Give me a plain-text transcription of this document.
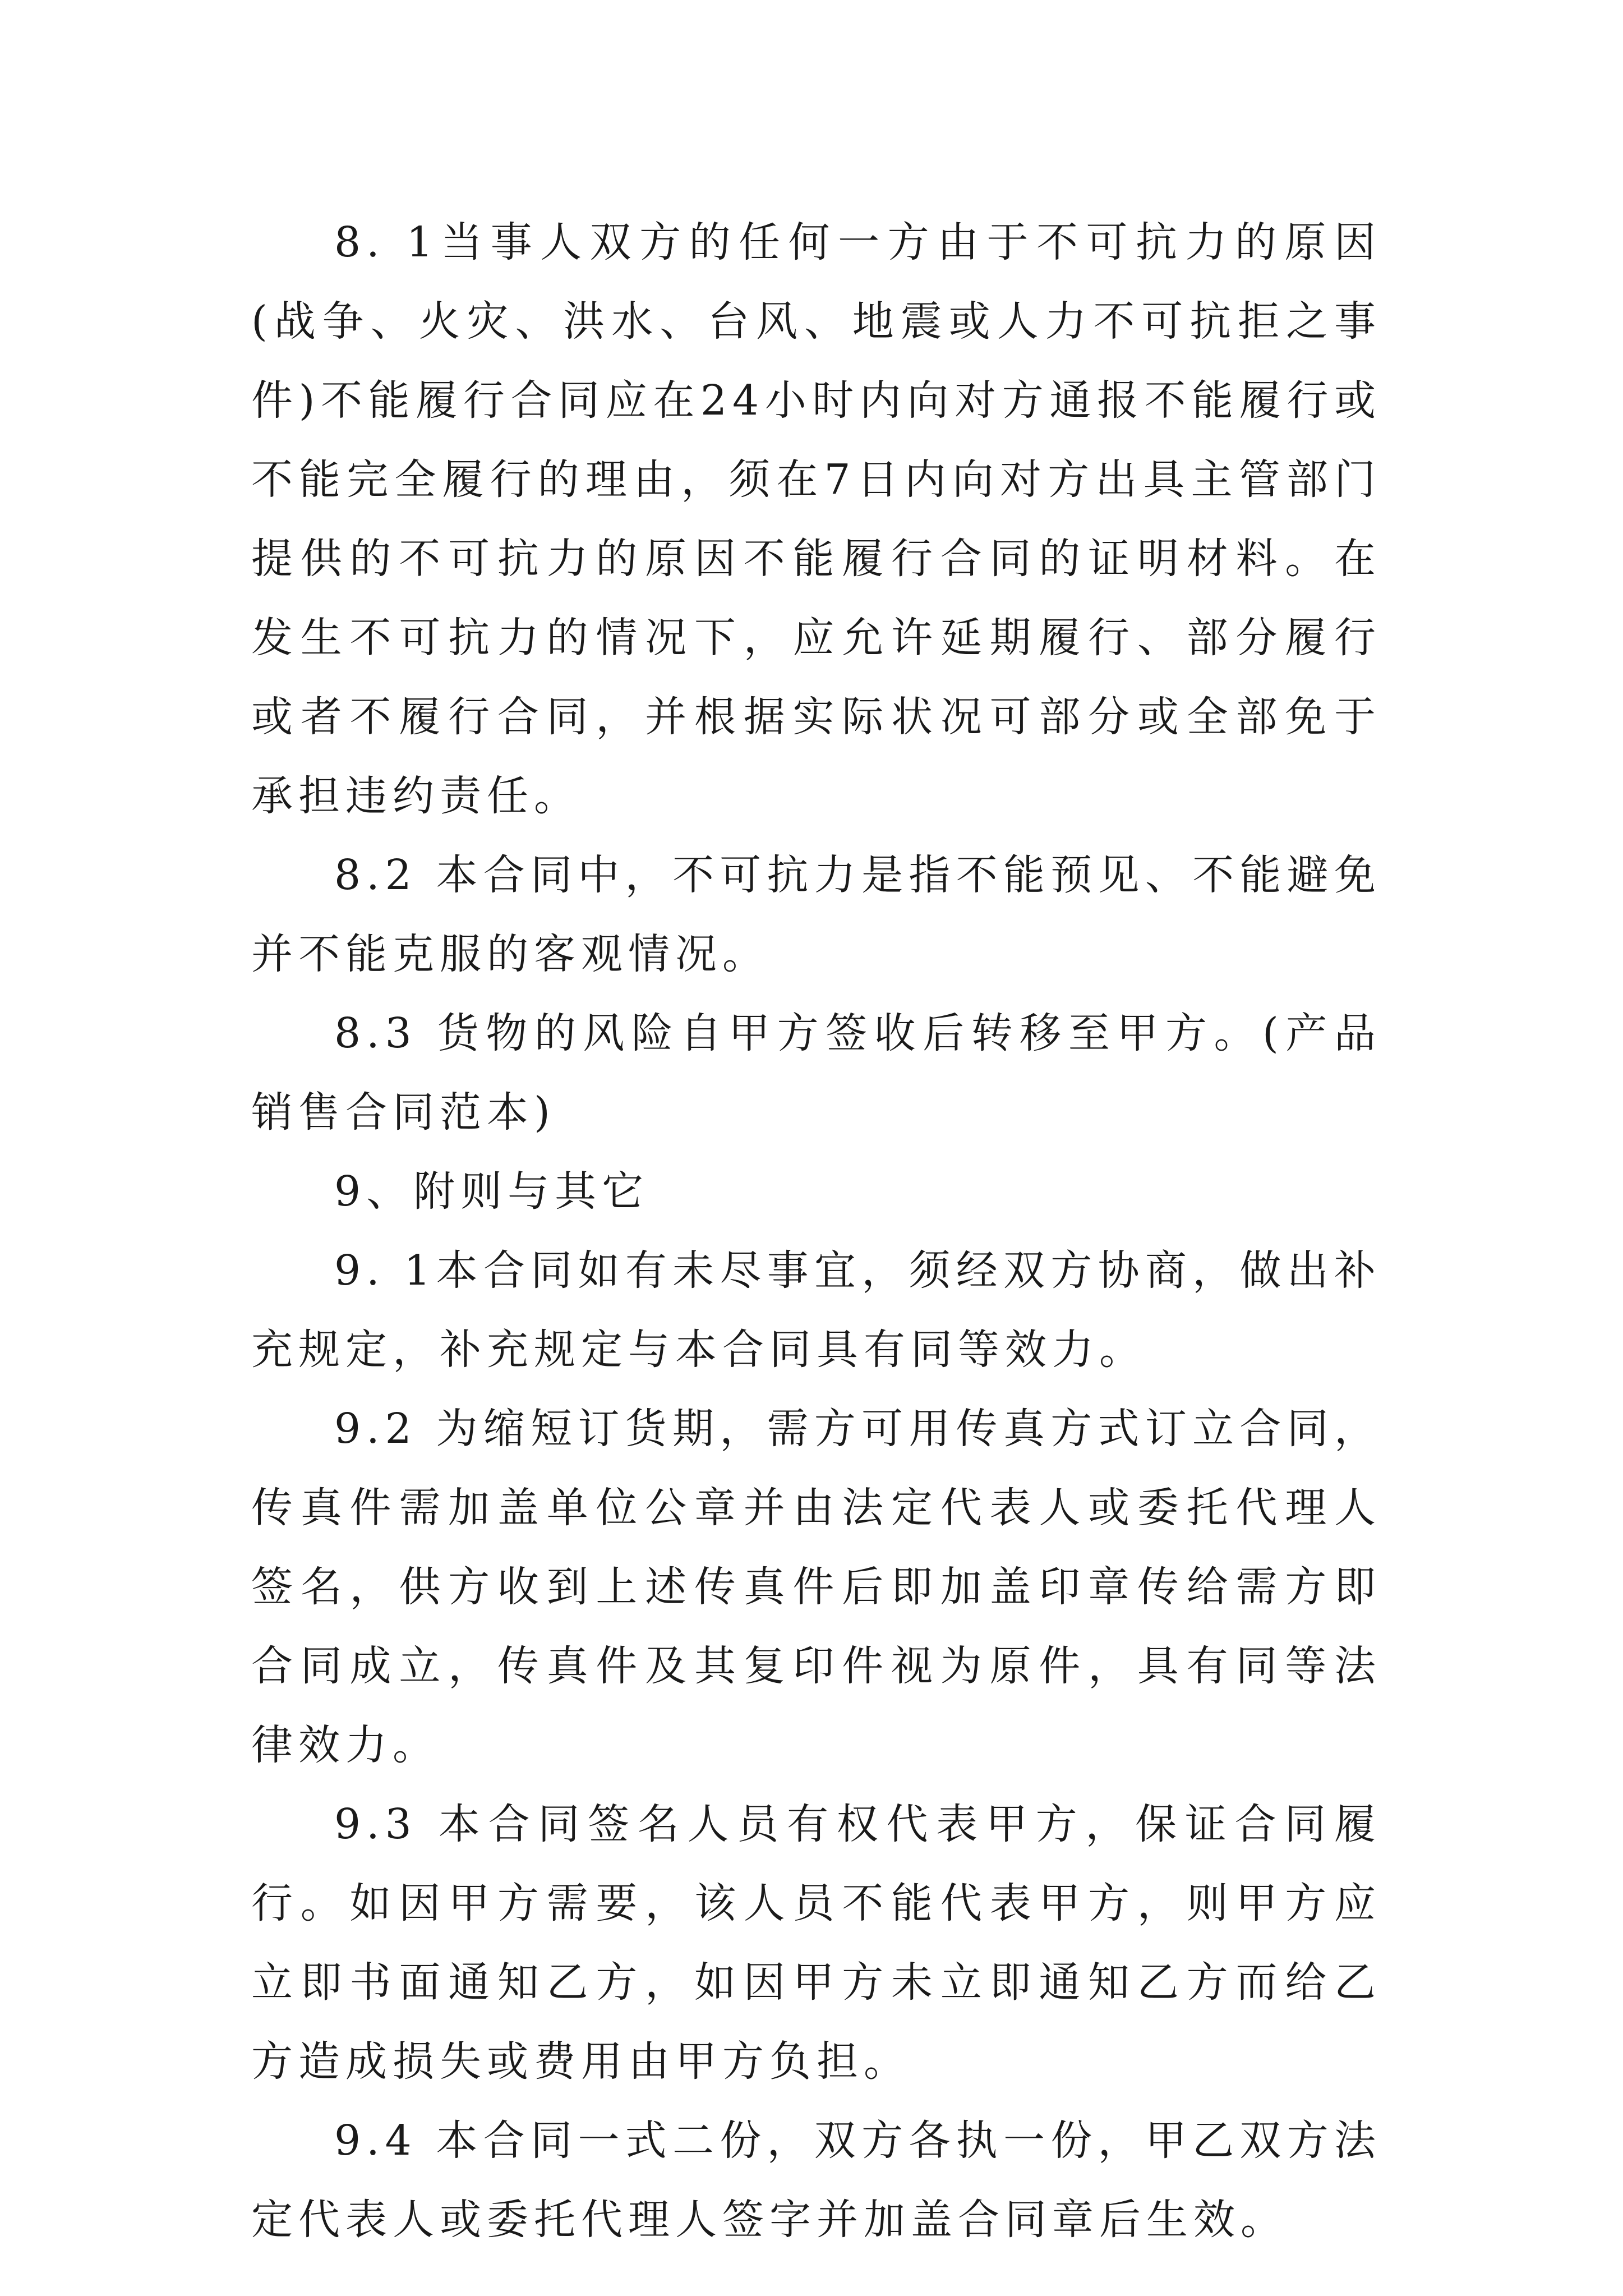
8. 1当事人双方的任何一方由于不可抗力的原因(战争、火灾、洪水、台风、地震或人力不可抗拒之事件)不能履行合同应在24小时内向对方通报不能履行或不能完全履行的理由，须在7日内向对方出具主管部门提供的不可抗力的原因不能履行合同的证明材料。在发生不可抗力的情况下，应允许延期履行、部分履行或者不履行合同，并根据实际状况可部分或全部免于承担违约责任。

8.2 本合同中，不可抗力是指不能预见、不能避免并不能克服的客观情况。

8.3 货物的风险自甲方签收后转移至甲方。(产品销售合同范本)

9、附则与其它

9. 1本合同如有未尽事宜，须经双方协商，做出补充规定，补充规定与本合同具有同等效力。

9.2 为缩短订货期，需方可用传真方式订立合同，传真件需加盖单位公章并由法定代表人或委托代理人签名，供方收到上述传真件后即加盖印章传给需方即合同成立，传真件及其复印件视为原件，具有同等法律效力。

9.3 本合同签名人员有权代表甲方，保证合同履行。如因甲方需要，该人员不能代表甲方，则甲方应立即书面通知乙方，如因甲方未立即通知乙方而给乙方造成损失或费用由甲方负担。

9.4 本合同一式二份，双方各执一份，甲乙双方法定代表人或委托代理人签字并加盖合同章后生效。
